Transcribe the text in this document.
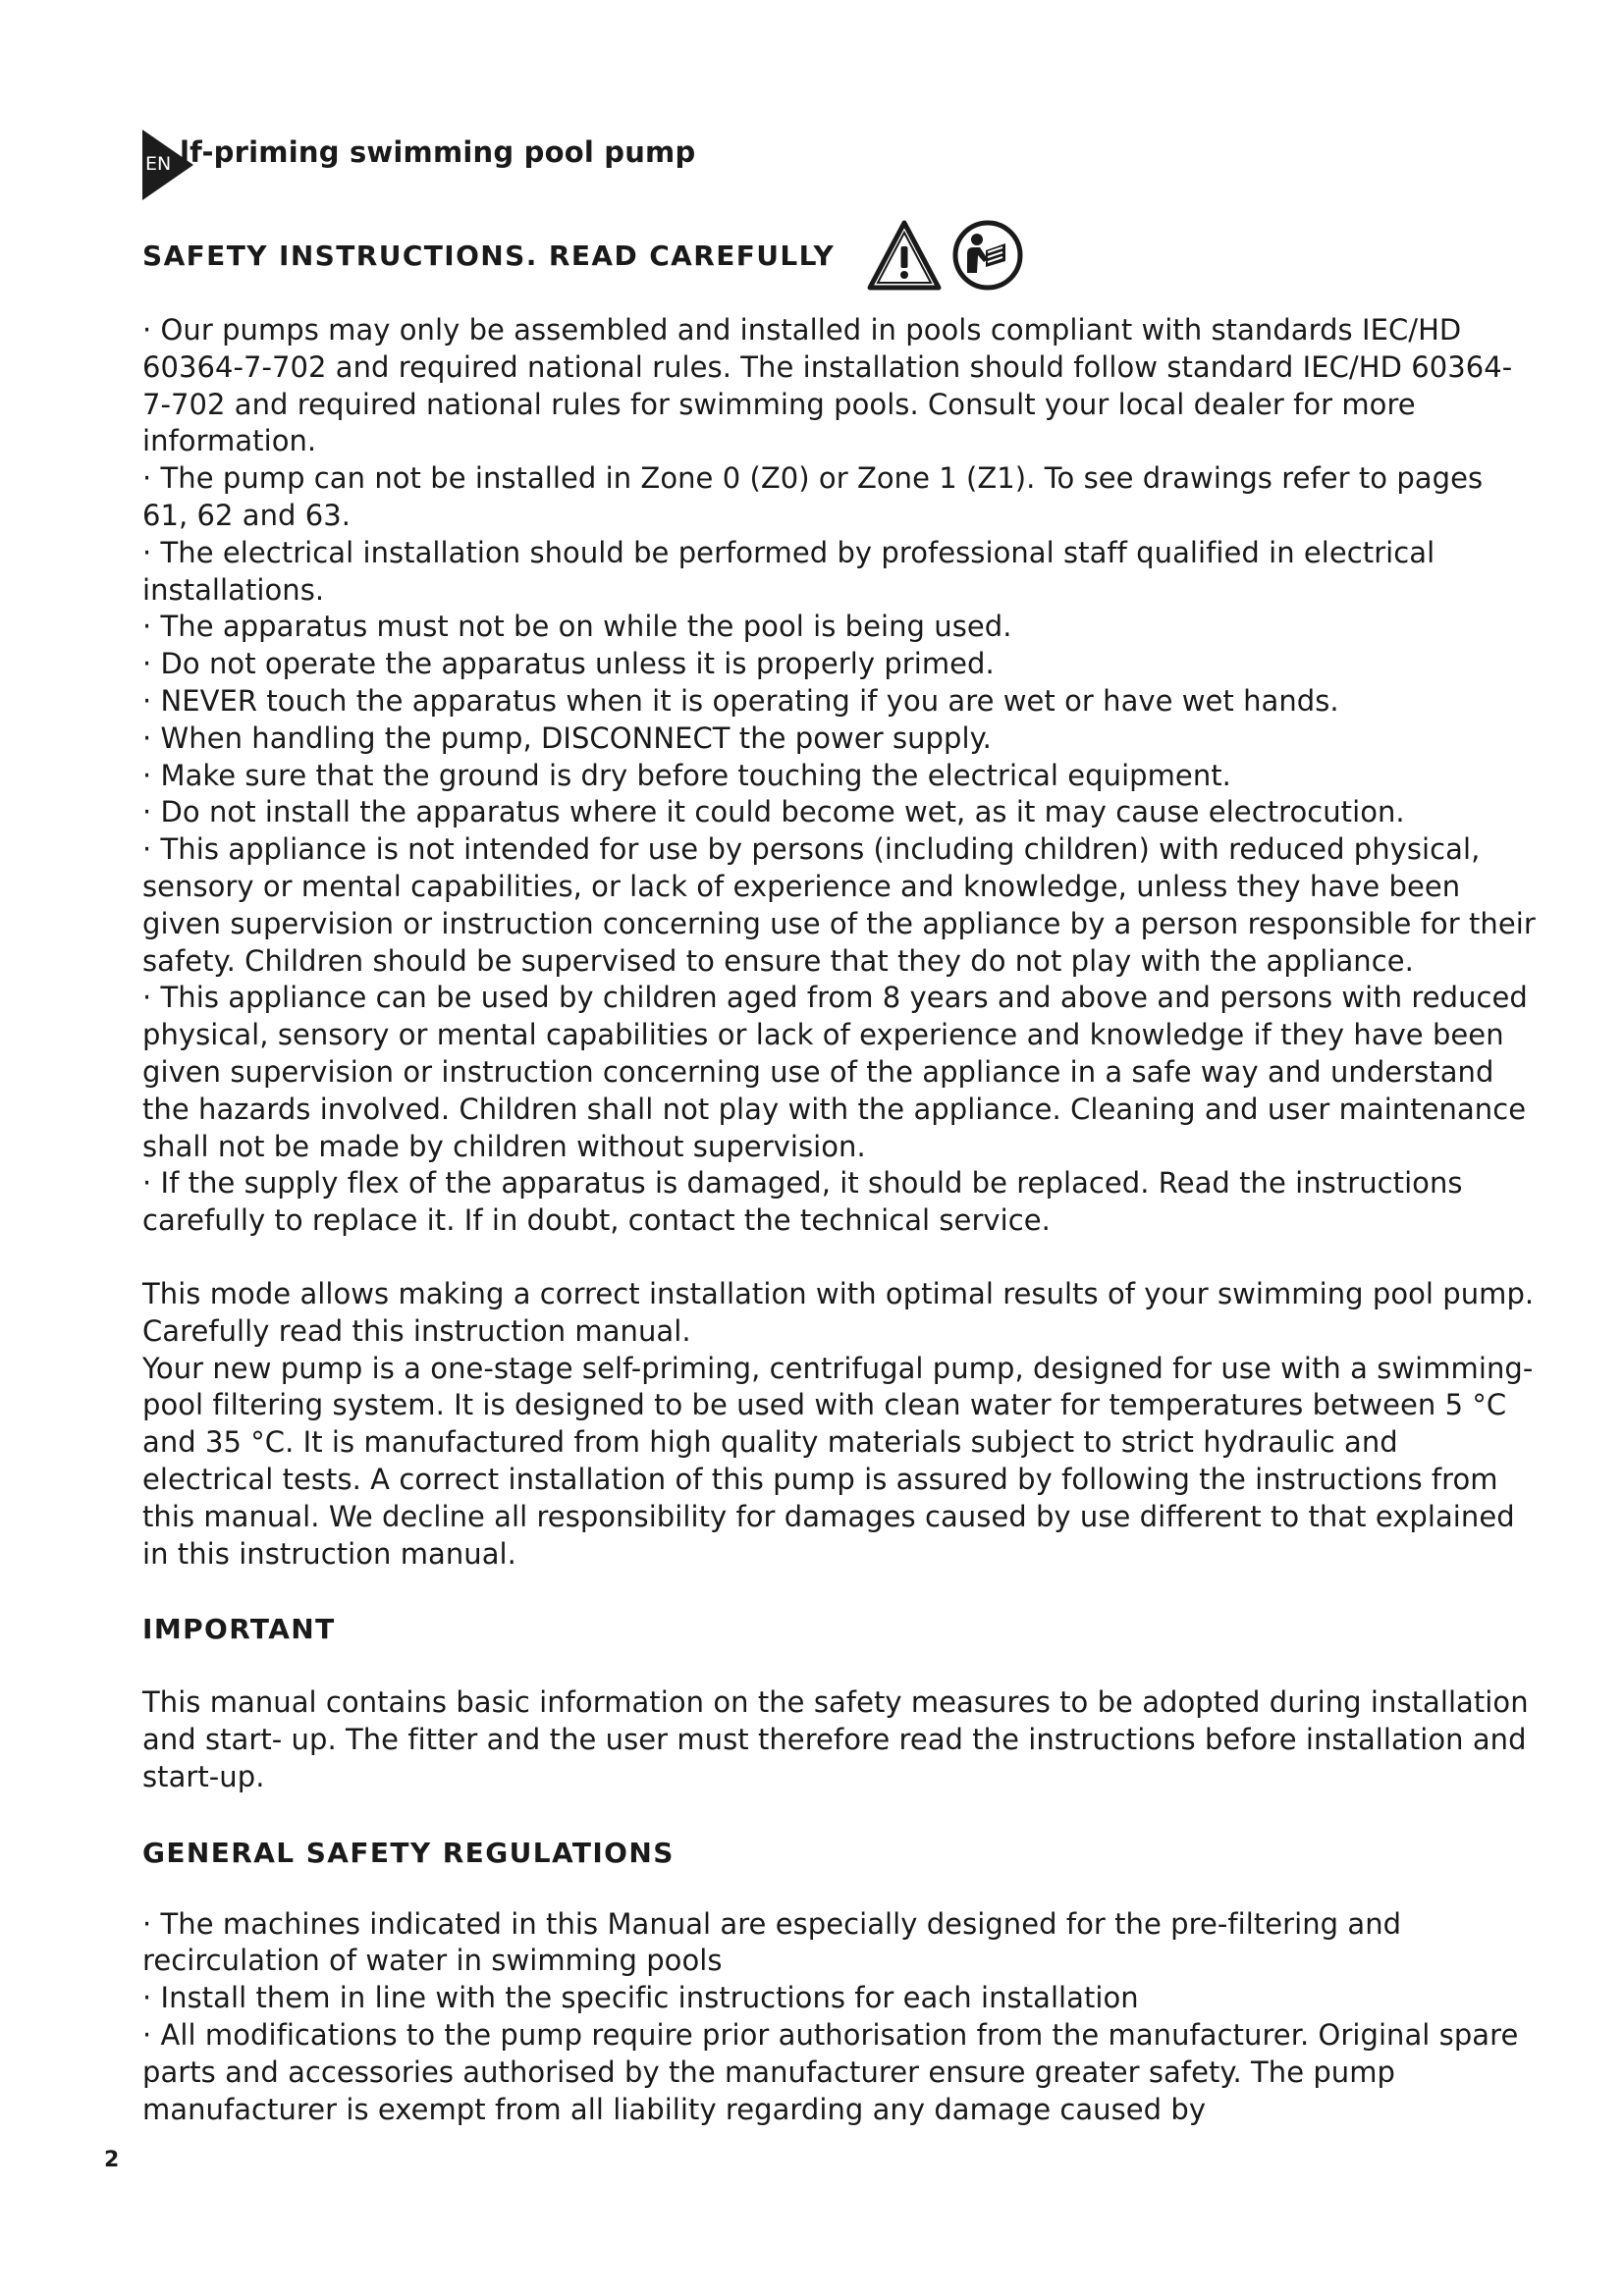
EN lf-priming swimming pool pump
SAFETY INSTRUCTIONS. READ CAREFULLY

· Our pumps may only be assembled and installed in pools compliant with standards IEC/HD 60364-7-702 and required national rules. The installation should follow standard IEC/HD 60364-7-702 and required national rules for swimming pools. Consult your local dealer for more information.

· The pump can not be installed in Zone 0 (Z0) or Zone 1 (Z1). To see drawings refer to pages 61, 62 and 63.

· The electrical installation should be performed by professional staff qualified in electrical installations.

· The apparatus must not be on while the pool is being used.

· Do not operate the apparatus unless it is properly primed.

· NEVER touch the apparatus when it is operating if you are wet or have wet hands.

· When handling the pump, DISCONNECT the power supply.

· Make sure that the ground is dry before touching the electrical equipment.

· Do not install the apparatus where it could become wet, as it may cause electrocution.

· This appliance is not intended for use by persons (including children) with reduced physical, sensory or mental capabilities, or lack of experience and knowledge, unless they have been given supervision or instruction concerning use of the appliance by a person responsible for their safety. Children should be supervised to ensure that they do not play with the appliance.

· This appliance can be used by children aged from 8 years and above and persons with reduced physical, sensory or mental capabilities or lack of experience and knowledge if they have been given supervision or instruction concerning use of the appliance in a safe way and understand the hazards involved. Children shall not play with the appliance. Cleaning and user maintenance shall not be made by children without supervision.

· If the supply flex of the apparatus is damaged, it should be replaced. Read the instructions carefully to replace it. If in doubt, contact the technical service.

This mode allows making a correct installation with optimal results of your swimming pool pump. Carefully read this instruction manual.

Your new pump is a one-stage self-priming, centrifugal pump, designed for use with a swimming-pool filtering system. It is designed to be used with clean water for temperatures between 5 °C and 35 °C. It is manufactured from high quality materials subject to strict hydraulic and electrical tests. A correct installation of this pump is assured by following the instructions from this manual. We decline all responsibility for damages caused by use different to that explained in this instruction manual.

IMPORTANT

This manual contains basic information on the safety measures to be adopted during installation and start- up. The fitter and the user must therefore read the instructions before installation and start-up.

GENERAL SAFETY REGULATIONS

· The machines indicated in this Manual are especially designed for the pre-filtering and recirculation of water in swimming pools

· Install them in line with the specific instructions for each installation

· All modifications to the pump require prior authorisation from the manufacturer. Original spare parts and accessories authorised by the manufacturer ensure greater safety. The pump manufacturer is exempt from all liability regarding any damage caused by

2
